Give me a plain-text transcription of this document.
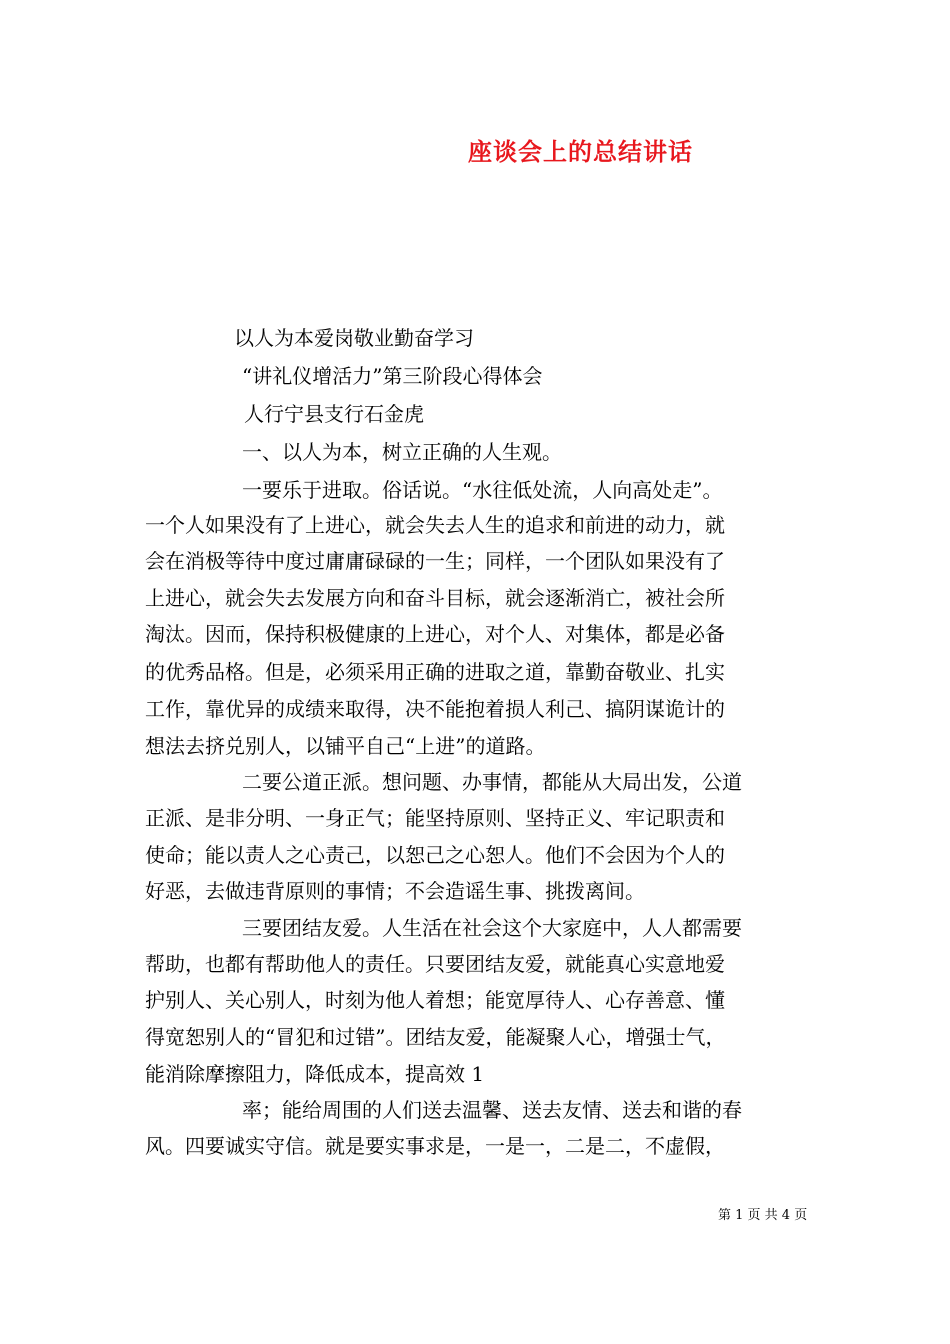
座谈会上的总结讲话
以人为本爱岗敬业勤奋学习
“讲礼仪增活力”第三阶段心得体会
人行宁县支行石金虎
一、以人为本，树立正确的人生观。
一要乐于进取。俗话说。“水往低处流，人向高处走”。
一个人如果没有了上进心，就会失去人生的追求和前进的动力，就
会在消极等待中度过庸庸碌碌的一生；同样，一个团队如果没有了
上进心，就会失去发展方向和奋斗目标，就会逐渐消亡，被社会所
淘汰。因而，保持积极健康的上进心，对个人、对集体，都是必备
的优秀品格。但是，必须采用正确的进取之道，靠勤奋敬业、扎实
工作，靠优异的成绩来取得，决不能抱着损人利己、搞阴谋诡计的
想法去挤兑别人，以铺平自己“上进”的道路。
二要公道正派。想问题、办事情，都能从大局出发，公道
正派、是非分明、一身正气；能坚持原则、坚持正义、牢记职责和
使命；能以责人之心责己，以恕己之心恕人。他们不会因为个人的
好恶，去做违背原则的事情；不会造谣生事、挑拨离间。
三要团结友爱。人生活在社会这个大家庭中，人人都需要
帮助，也都有帮助他人的责任。只要团结友爱，就能真心实意地爱
护别人、关心别人，时刻为他人着想；能宽厚待人、心存善意、懂
得宽恕别人的“冒犯和过错”。团结友爱，能凝聚人心，增强士气，
能消除摩擦阻力，降低成本，提高效 1
率；能给周围的人们送去温馨、送去友情、送去和谐的春
风。四要诚实守信。就是要实事求是，一是一，二是二，不虚假，
第 1 页 共 4 页
